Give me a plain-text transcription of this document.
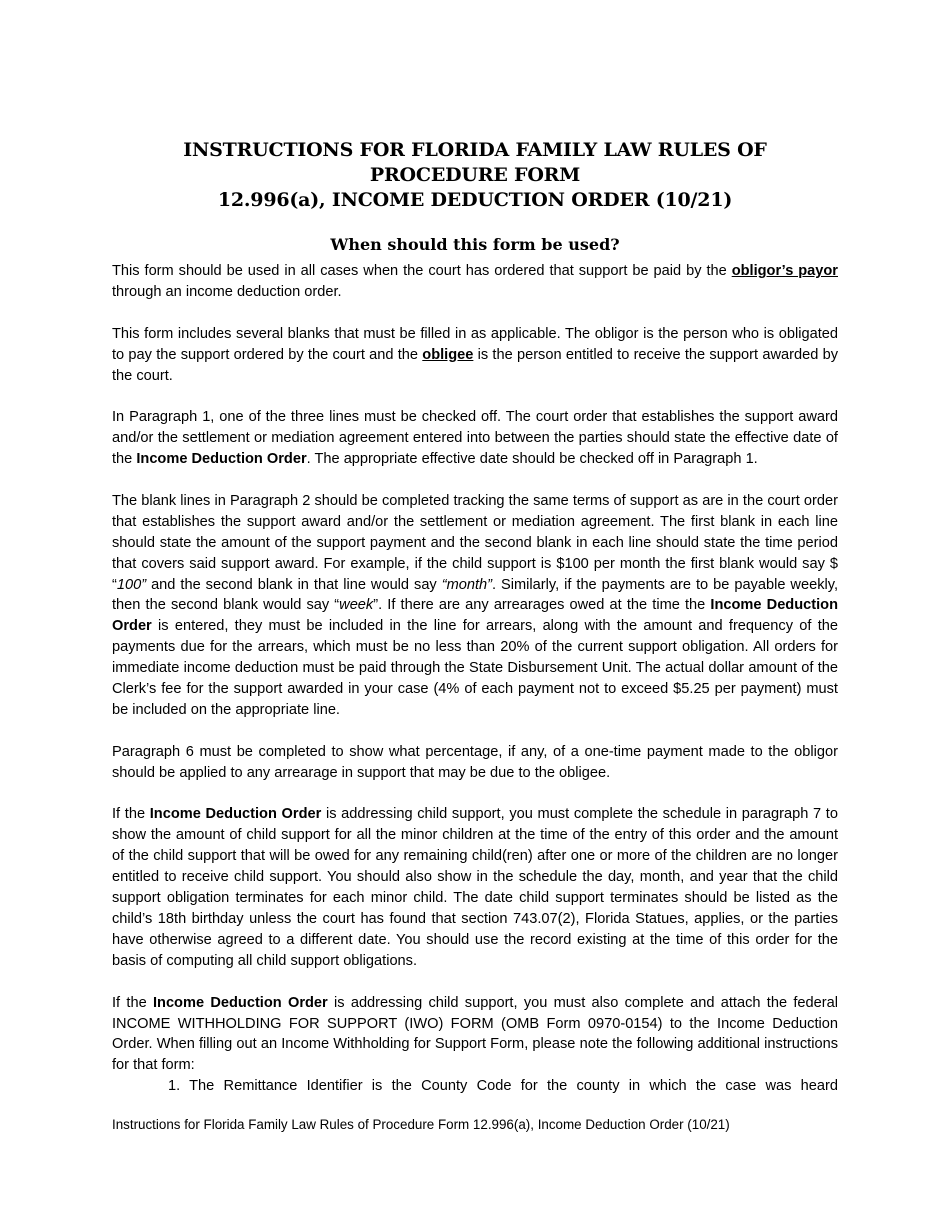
INSTRUCTIONS FOR FLORIDA FAMILY LAW RULES OF PROCEDURE FORM
12.996(a), INCOME DEDUCTION ORDER (10/21)
When should this form be used?

This form should be used in all cases when the court has ordered that support be paid by the obligor’s payor through an income deduction order.

This form includes several blanks that must be filled in as applicable. The obligor is the person who is obligated to pay the support ordered by the court and the obligee is the person entitled to receive the support awarded by the court.

In Paragraph 1, one of the three lines must be checked off. The court order that establishes the support award and/or the settlement or mediation agreement entered into between the parties should state the effective date of the Income Deduction Order. The appropriate effective date should be checked off in Paragraph 1.

The blank lines in Paragraph 2 should be completed tracking the same terms of support as are in the court order that establishes the support award and/or the settlement or mediation agreement. The first blank in each line should state the amount of the support payment and the second blank in each line should state the time period that covers said support award. For example, if the child support is $100 per month the first blank would say $ “100” and the second blank in that line would say “month”. Similarly, if the payments are to be payable weekly, then the second blank would say “week”. If there are any arrearages owed at the time the Income Deduction Order is entered, they must be included in the line for arrears, along with the amount and frequency of the payments due for the arrears, which must be no less than 20% of the current support obligation. All orders for immediate income deduction must be paid through the State Disbursement Unit. The actual dollar amount of the Clerk’s fee for the support awarded in your case (4% of each payment not to exceed $5.25 per payment) must be included on the appropriate line.

Paragraph 6 must be completed to show what percentage, if any, of a one-time payment made to the obligor should be applied to any arrearage in support that may be due to the obligee.

If the Income Deduction Order is addressing child support, you must complete the schedule in paragraph 7 to show the amount of child support for all the minor children at the time of the entry of this order and the amount of the child support that will be owed for any remaining child(ren) after one or more of the children are no longer entitled to receive child support. You should also show in the schedule the day, month, and year that the child support obligation terminates for each minor child. The date child support terminates should be listed as the child’s 18th birthday unless the court has found that section 743.07(2), Florida Statues, applies, or the parties have otherwise agreed to a different date. You should use the record existing at the time of this order for the basis of computing all child support obligations.

If the Income Deduction Order is addressing child support, you must also complete and attach the federal INCOME WITHHOLDING FOR SUPPORT (IWO) FORM (OMB Form 0970-0154) to the Income Deduction Order. When filling out an Income Withholding for Support Form, please note the following additional instructions for that form:

1. The Remittance Identifier is the County Code for the county in which the case was heard
Instructions for Florida Family Law Rules of Procedure Form 12.996(a), Income Deduction Order (10/21)
